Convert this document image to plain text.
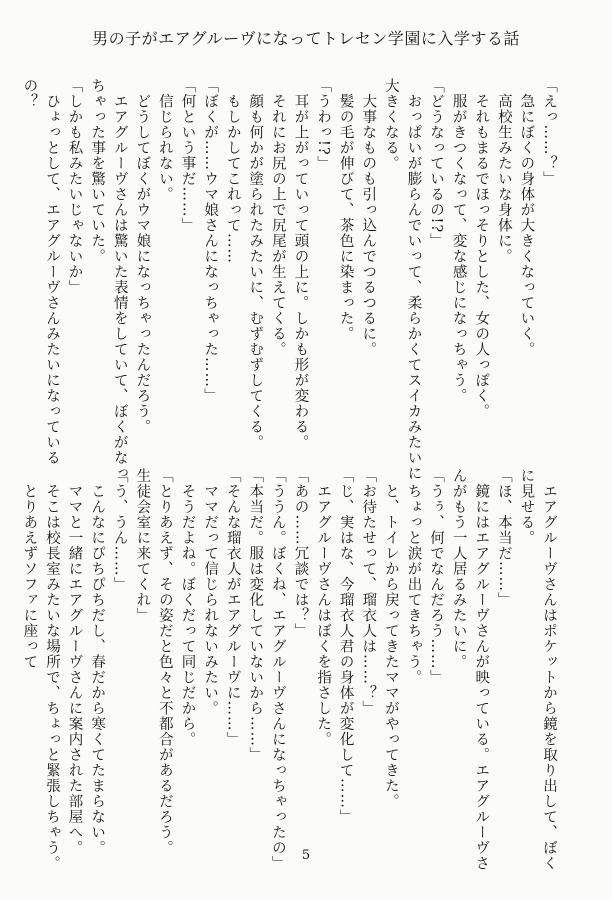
男の子がエアグルーヴになってトレセン学園に入学する話
「えっ……？」
　急にぼくの身体が大きくなっていく。
　高校生みたいな身体に。
　それもまるでほっそりとした、女の人っぽく。
　服がきつくなって、変な感じになっちゃう。
「どうなっているの!?」
　おっぱいが膨らんでいって、柔らかくてスイカみたいに
大きくなる。
　大事なものも引っ込んでつるつるに。
　髪の毛が伸びて、茶色に染まった。
「うわっ!?」
　耳が上がっていって頭の上に。しかも形が変わる。
　それにお尻の上で尻尾が生えてくる。
　顔も何かが塗られたみたいに、むずむずしてくる。
　もしかしてこれって……
「ぼくが……ウマ娘さんになっちゃった……」
「何という事だ……」
　信じられない。
　どうしてぼくがウマ娘になっちゃったんだろう。
　エアグルーヴさんは驚いた表情をしていて、ぼくがなっ
ちゃった事を驚いていた。
「しかも私みたいじゃないか」
　ひょっとして、エアグルーヴさんみたいになっている
の？
　エアグルーヴさんはポケットから鏡を取り出して、ぼく
に見せる。
「ほ、本当だ……」
　鏡にはエアグルーヴさんが映っている。エアグルーヴさ
んがもう一人居るみたいに。
「うぅ、何でなんだろう……」
　ちょっと涙が出てきちゃう。
　と、トイレから戻ってきたママがやってきた。
「お待たせって、瑠衣人は……？」
「じ、実はな、今瑠衣人君の身体が変化して……」
　エアグルーヴさんはぼくを指さした。
「あの……冗談では？」
「ううん。ぼくね、エアグルーヴさんになっちゃったの」
「本当だ。服は変化していないから……」
「そんな瑠衣人がエアグルーヴに……」
　ママだって信じられないみたい。
　そうだよね。ぼくだって同じだから。
「とりあえず、その姿だと色々と不都合があるだろう。
生徒会室に来てくれ」
「う、うん……」
　こんなにぴちぴちだし、春だから寒くてたまらない。
　ママと一緒にエアグルーヴさんに案内された部屋へ。
　そこは校長室みたいな場所で、ちょっと緊張しちゃう。
　とりあえずソファに座って
5
